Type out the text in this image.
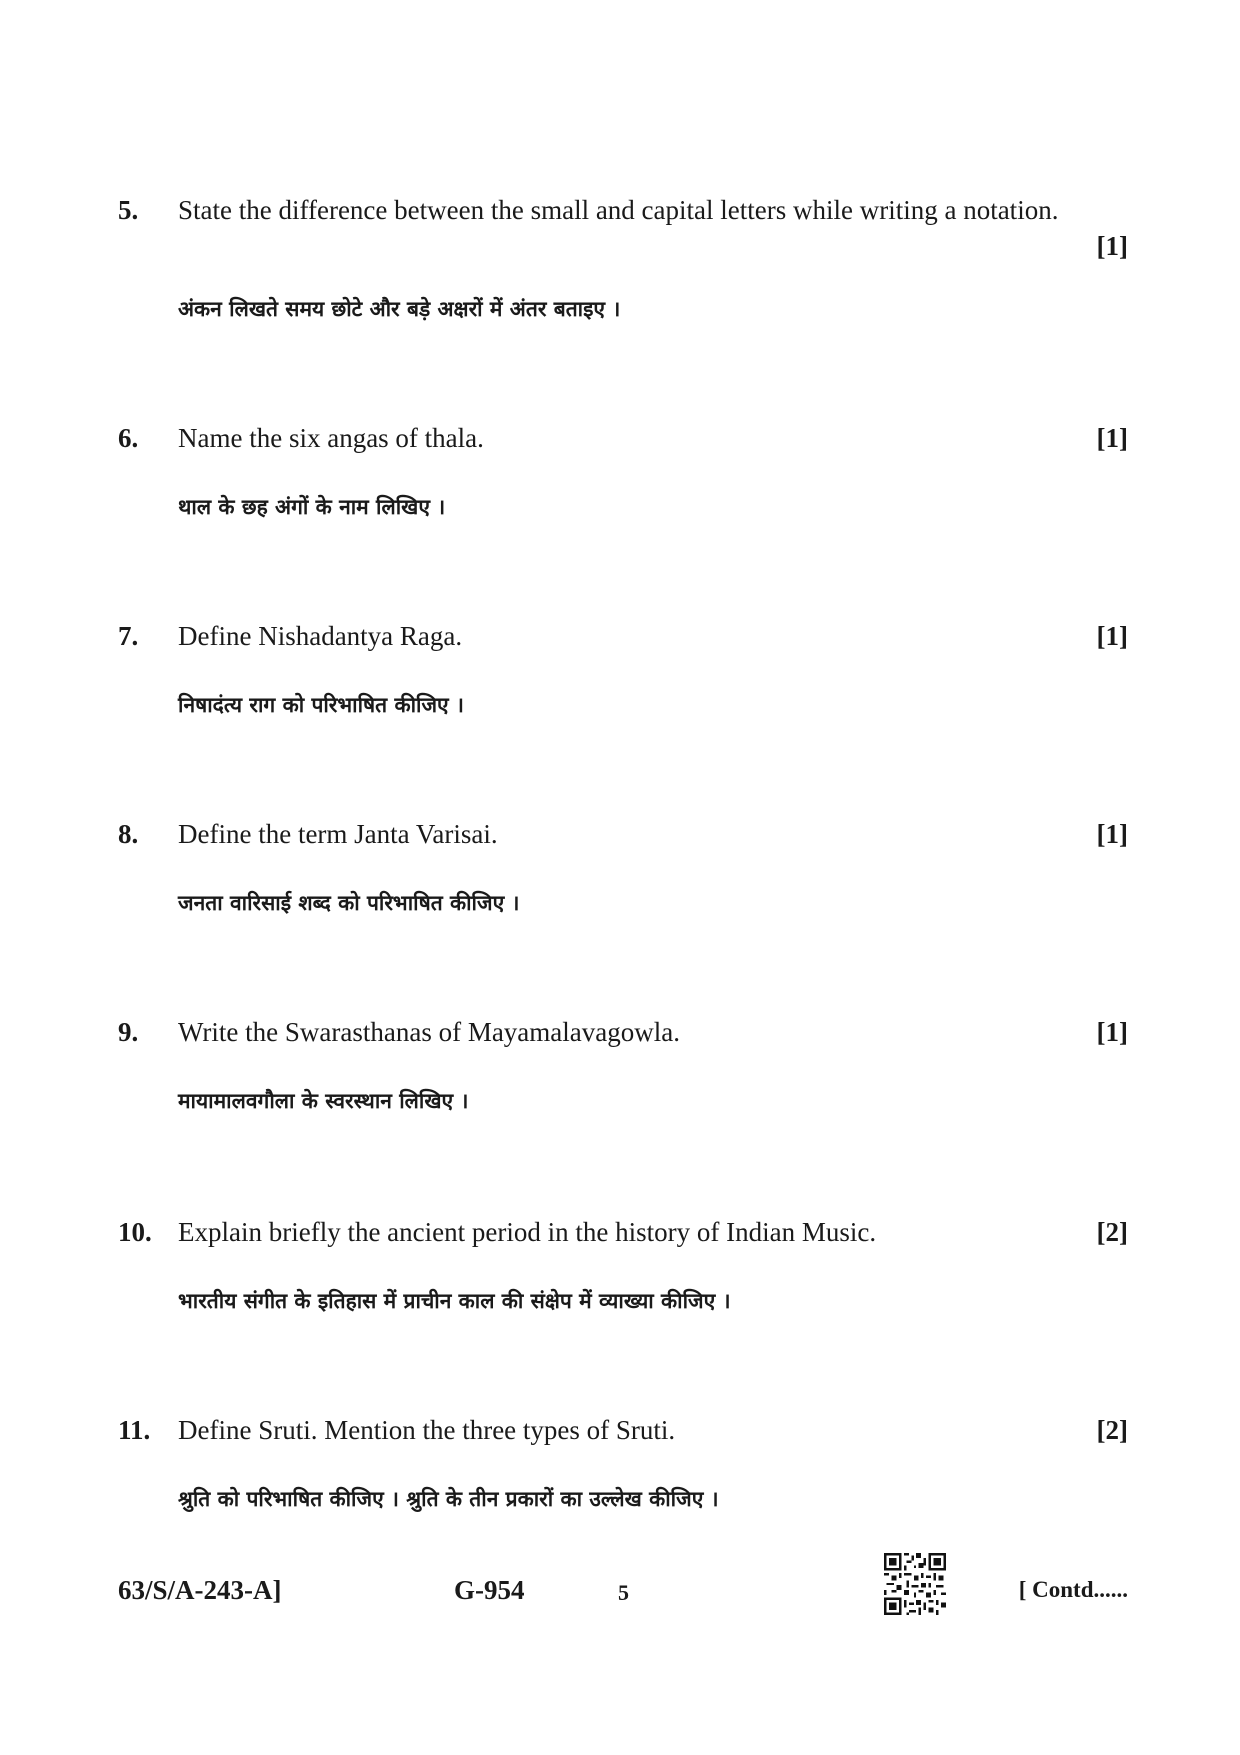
5. State the difference between the small and capital letters while writing a notation.
[1]
अंकन लिखते समय छोटे और बड़े अक्षरों में अंतर बताइए ।
6. Name the six angas of thala.	[1]
थाल के छह अंगों के नाम लिखिए ।
7. Define Nishadantya Raga.	[1]
निषादंत्य राग को परिभाषित कीजिए ।
8. Define the term Janta Varisai.	[1]
जनता वारिसाई शब्द को परिभाषित कीजिए ।
9. Write the Swarasthanas of Mayamalavagowla.	[1]
मायामालवगौला के स्वरस्थान लिखिए ।
10. Explain briefly the ancient period in the history of Indian Music.	[2]
भारतीय संगीत के इतिहास में प्राचीन काल की संक्षेप में व्याख्या कीजिए ।
11. Define Sruti. Mention the three types of Sruti.	[2]
श्रुति को परिभाषित कीजिए । श्रुति के तीन प्रकारों का उल्लेख कीजिए ।
63/S/A-243-A]	G-954	5	[ Contd......
